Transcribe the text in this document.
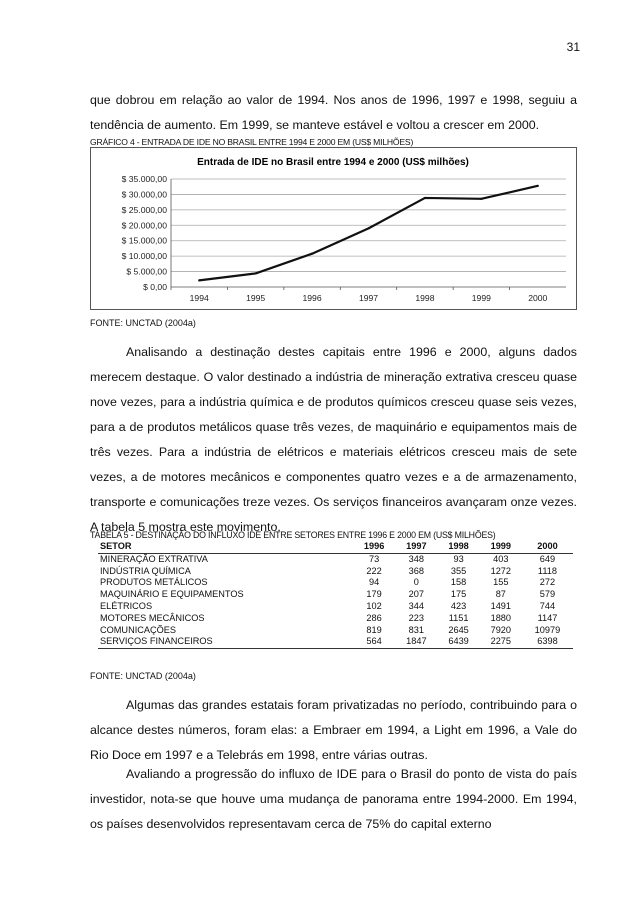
31

que dobrou em relação ao valor de 1994. Nos anos de 1996, 1997 e 1998, seguiu a tendência de aumento. Em 1999, se manteve estável e voltou a crescer em 2000.

GRÁFICO 4 - ENTRADA DE IDE NO BRASIL ENTRE 1994 E 2000 EM (US$ MILHÕES)
Entrada de IDE no Brasil entre 1994 e 2000 (US$ milhões)
$ 0,00
$ 5.000,00
$ 10.000,00
$ 15.000,00
$ 20.000,00
$ 25.000,00
$ 30.000,00
$ 35.000,00
1994	1995	1996	1997	1998	1999	2000
FONTE: UNCTAD (2004a)

Analisando a destinação destes capitais entre 1996 e 2000, alguns dados merecem destaque. O valor destinado a indústria de mineração extrativa cresceu quase nove vezes, para a indústria química e de produtos químicos cresceu quase seis vezes, para a de produtos metálicos quase três vezes, de maquinário e equipamentos mais de três vezes. Para a indústria de elétricos e materiais elétricos cresceu mais de sete vezes, a de motores mecânicos e componentes quatro vezes e a de armazenamento, transporte e comunicações treze vezes. Os serviços financeiros avançaram onze vezes. A tabela 5 mostra este movimento.

TABELA 5 - DESTINAÇÃO DO INFLUXO IDE ENTRE SETORES ENTRE 1996 E 2000 EM (US$ MILHÕES)
SETOR	1996	1997	1998	1999	2000
MINERAÇÃO EXTRATIVA	73	348	93	403	649
INDÚSTRIA QUÍMICA	222	368	355	1272	1118
PRODUTOS METÁLICOS	94	0	158	155	272
MAQUINÁRIO E EQUIPAMENTOS	179	207	175	87	579
ELÉTRICOS	102	344	423	1491	744
MOTORES MECÂNICOS	286	223	1151	1880	1147
COMUNICAÇÕES	819	831	2645	7920	10979
SERVIÇOS FINANCEIROS	564	1847	6439	2275	6398
FONTE: UNCTAD (2004a)

Algumas das grandes estatais foram privatizadas no período, contribuindo para o alcance destes números, foram elas: a Embraer em 1994, a Light em 1996, a Vale do Rio Doce em 1997 e a Telebrás em 1998, entre várias outras.

Avaliando a progressão do influxo de IDE para o Brasil do ponto de vista do país investidor, nota-se que houve uma mudança de panorama entre 1994-2000. Em 1994, os países desenvolvidos representavam cerca de 75% do capital externo
